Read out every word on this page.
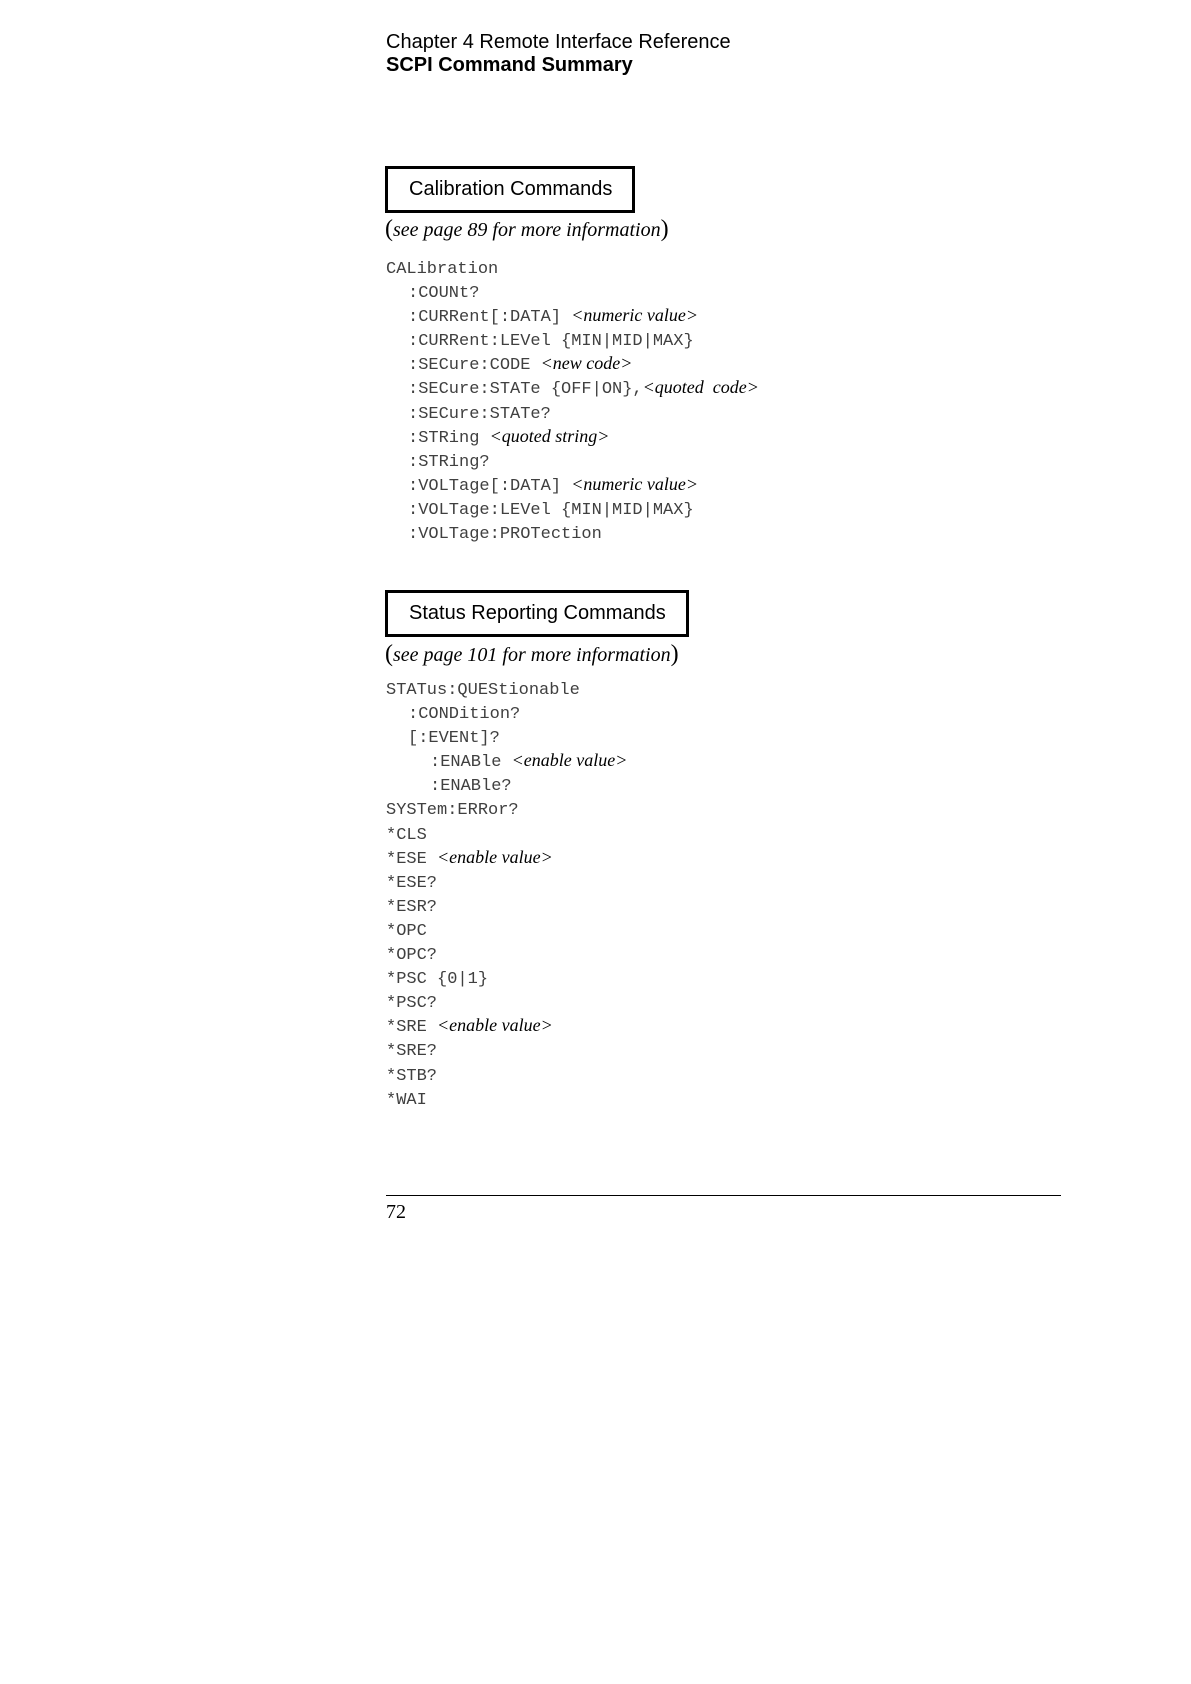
Chapter 4 Remote Interface Reference
SCPI Command Summary
Calibration Commands
(see page 89 for more information)
CALibration
:COUNt?
:CURRent[:DATA] <numeric value>
:CURRent:LEVel {MIN|MID|MAX}
:SECure:CODE <new code>
:SECure:STATe {OFF|ON},<quoted  code>
:SECure:STATe?
:STRing <quoted string>
:STRing?
:VOLTage[:DATA] <numeric value>
:VOLTage:LEVel {MIN|MID|MAX}
:VOLTage:PROTection
Status Reporting Commands
(see page 101 for more information)
STATus:QUEStionable
:CONDition?
[:EVENt]?
:ENABle <enable value>
:ENABle?
SYSTem:ERRor?
*CLS
*ESE <enable value>
*ESE?
*ESR?
*OPC
*OPC?
*PSC {0|1}
*PSC?
*SRE <enable value>
*SRE?
*STB?
*WAI
72
